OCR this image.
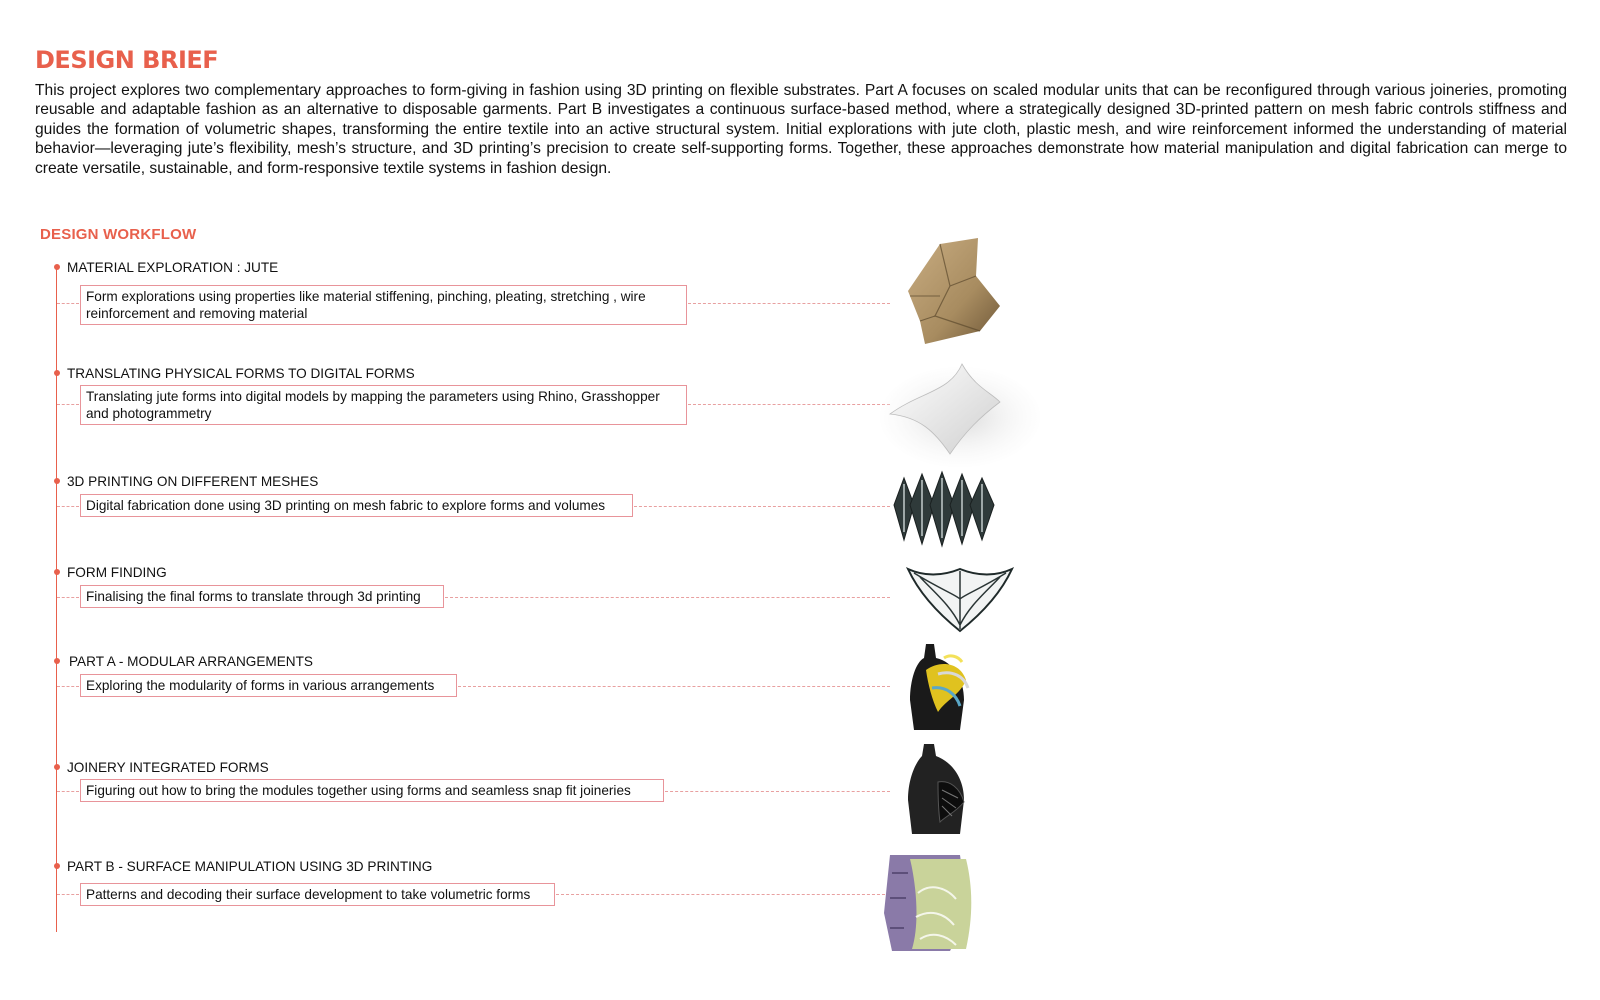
DESIGN BRIEF

This project explores two complementary approaches to form-giving in fashion using 3D printing on flexible substrates. Part A focuses on scaled modular units that can be reconfigured through various joineries, promoting reusable and adaptable fashion as an alternative to disposable garments. Part B investigates a continuous surface-based method, where a strategically designed 3D-printed pattern on mesh fabric controls stiffness and guides the formation of volumetric shapes, transforming the entire textile into an active structural system. Initial explorations with jute cloth, plastic mesh, and wire reinforcement informed the understanding of material behavior—leveraging jute’s flexibility, mesh’s structure, and 3D printing’s precision to create self-supporting forms. Together, these approaches demonstrate how material manipulation and digital fabrication can merge to create versatile, sustainable, and form-responsive textile systems in fashion design.

DESIGN WORKFLOW
MATERIAL EXPLORATION : JUTE
Form explorations using properties like material stiffening, pinching, pleating, stretching , wire reinforcement and removing material
TRANSLATING PHYSICAL FORMS TO DIGITAL FORMS
Translating jute forms into digital models by mapping the parameters using Rhino, Grasshopper and photogrammetry
3D PRINTING ON DIFFERENT MESHES
Digital fabrication done using 3D printing on mesh fabric to explore forms and volumes
FORM FINDING
Finalising the final forms to translate through 3d printing
PART A - MODULAR ARRANGEMENTS
Exploring the modularity of forms in various arrangements
JOINERY INTEGRATED FORMS
Figuring out how to bring the modules together using forms and seamless snap fit joineries
PART B - SURFACE MANIPULATION USING 3D PRINTING
Patterns and decoding their surface development to take volumetric forms
